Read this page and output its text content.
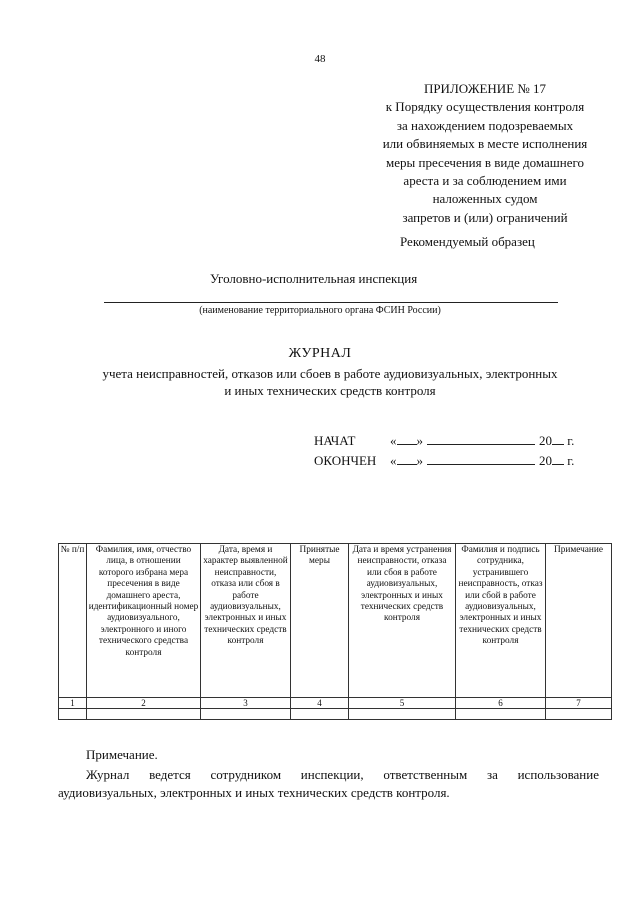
48
ПРИЛОЖЕНИЕ № 17
к Порядку осуществления контроля
за нахождением подозреваемых
или обвиняемых в месте исполнения
меры пресечения в виде домашнего
ареста и за соблюдением ими
наложенных судом
запретов и (или) ограничений
Рекомендуемый образец
Уголовно-исполнительная инспекция
(наименование территориального органа ФСИН России)
ЖУРНАЛ
учета неисправностей, отказов или сбоев в работе аудиовизуальных, электронных
и иных технических средств контроля
НАЧАТ	« »	20 г.
ОКОНЧЕН « »	20 г.
№ п/п	Фамилия, имя, отчество лица, в отношении которого избрана мера пресечения в виде домашнего ареста, идентификационный номер аудиовизуального, электронного и иного технического средства контроля	Дата, время и характер выявленной неисправности, отказа или сбоя в работе аудиовизуальных, электронных и иных технических средств контроля	Принятые меры	Дата и время устранения неисправности, отказа или сбоя в работе аудиовизуальных, электронных и иных технических средств контроля	Фамилия и подпись сотрудника, устранившего неисправность, отказ или сбой в работе аудиовизуальных, электронных и иных технических средств контроля	Примечание
1	2	3	4	5	6	7

Примечание.
Журнал ведется сотрудником инспекции, ответственным за использование аудиовизуальных, электронных и иных технических средств контроля.
